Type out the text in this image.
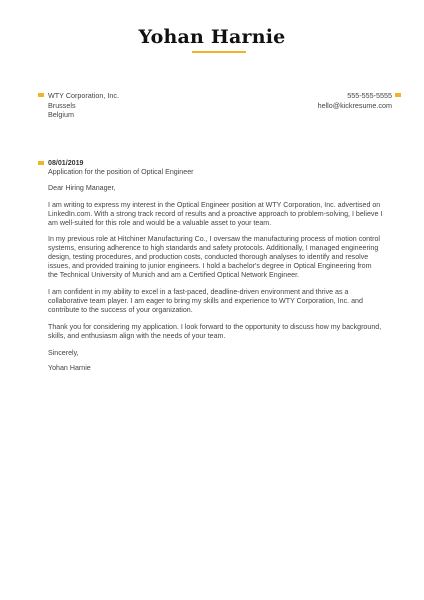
Yohan Harnie
WTY Corporation, Inc.
Brussels
Belgium
555-555-5555
hello@kickresume.com
08/01/2019
Application for the position of Optical Engineer

Dear Hiring Manager,

I am writing to express my interest in the Optical Engineer position at WTY Corporation, Inc. advertised on LinkedIn.com. With a strong track record of results and a proactive approach to problem-solving, I believe I am well-suited for this role and would be a valuable asset to your team.

In my previous role at Hitchiner Manufacturing Co., I oversaw the manufacturing process of motion control systems, ensuring adherence to high standards and safety protocols. Additionally, I managed engineering design, testing procedures, and production costs, conducted thorough analyses to identify and resolve issues, and provided training to junior engineers. I hold a bachelor's degree in Optical Engineering from the Technical University of Munich and am a Certified Optical Network Engineer.

I am confident in my ability to excel in a fast-paced, deadline-driven environment and thrive as a collaborative team player. I am eager to bring my skills and experience to WTY Corporation, Inc. and contribute to the success of your organization.

Thank you for considering my application. I look forward to the opportunity to discuss how my background, skills, and enthusiasm align with the needs of your team.

Sincerely,
Yohan Harnie
